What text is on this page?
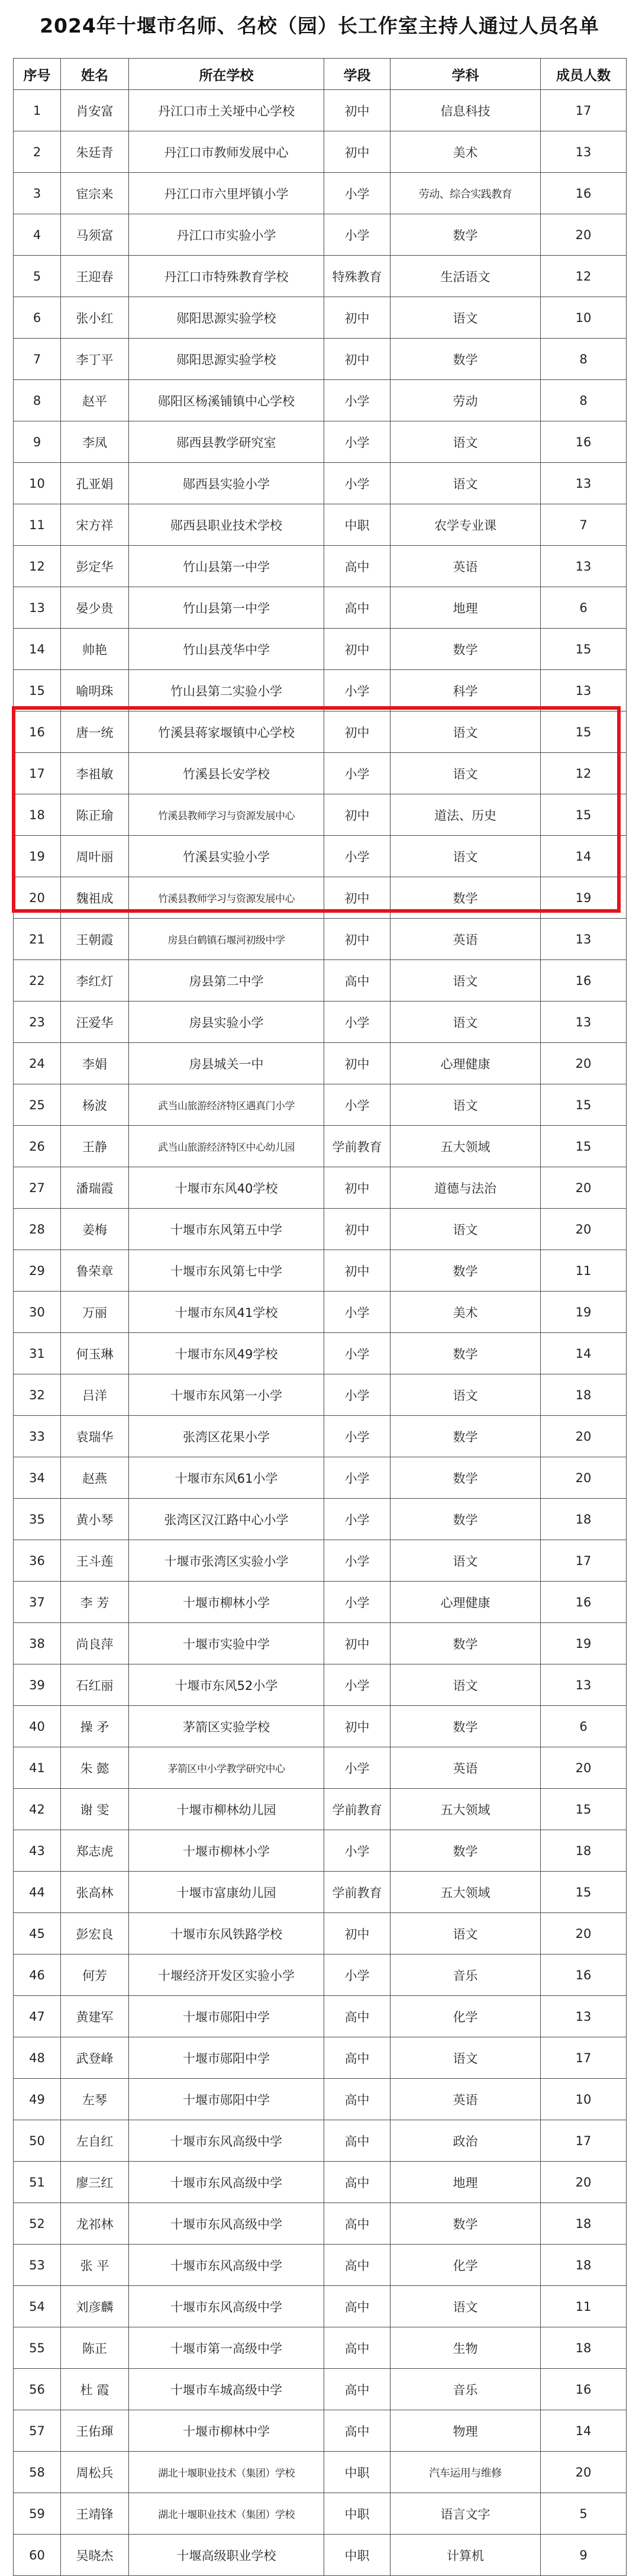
2024年十堰市名师、名校（园）长工作室主持人通过人员名单
序号	姓名	所在学校	学段	学科	成员人数
1	肖安富	丹江口市土关垭中心学校	初中	信息科技	17
2	朱廷青	丹江口市教师发展中心	初中	美术	13
3	宦宗来	丹江口市六里坪镇小学	小学	劳动、综合实践教育	16
4	马须富	丹江口市实验小学	小学	数学	20
5	王迎春	丹江口市特殊教育学校	特殊教育	生活语文	12
6	张小红	郧阳思源实验学校	初中	语文	10
7	李丁平	郧阳思源实验学校	初中	数学	8
8	赵平	郧阳区杨溪铺镇中心学校	小学	劳动	8
9	李凤	郧西县教学研究室	小学	语文	16
10	孔亚娟	郧西县实验小学	小学	语文	13
11	宋方祥	郧西县职业技术学校	中职	农学专业课	7
12	彭定华	竹山县第一中学	高中	英语	13
13	晏少贵	竹山县第一中学	高中	地理	6
14	帅艳	竹山县茂华中学	初中	数学	15
15	喻明珠	竹山县第二实验小学	小学	科学	13
16	唐一统	竹溪县蒋家堰镇中心学校	初中	语文	15
17	李祖敏	竹溪县长安学校	小学	语文	12
18	陈正瑜	竹溪县教师学习与资源发展中心	初中	道法、历史	15
19	周叶丽	竹溪县实验小学	小学	语文	14
20	魏祖成	竹溪县教师学习与资源发展中心	初中	数学	19
21	王朝霞	房县白鹤镇石堰河初级中学	初中	英语	13
22	李红灯	房县第二中学	高中	语文	16
23	汪爱华	房县实验小学	小学	语文	13
24	李娟	房县城关一中	初中	心理健康	20
25	杨波	武当山旅游经济特区遇真门小学	小学	语文	15
26	王静	武当山旅游经济特区中心幼儿园	学前教育	五大领域	15
27	潘瑞霞	十堰市东风40学校	初中	道德与法治	20
28	姜梅	十堰市东风第五中学	初中	语文	20
29	鲁荣章	十堰市东风第七中学	初中	数学	11
30	万丽	十堰市东风41学校	小学	美术	19
31	何玉琳	十堰市东风49学校	小学	数学	14
32	吕洋	十堰市东风第一小学	小学	语文	18
33	袁瑞华	张湾区花果小学	小学	数学	20
34	赵燕	十堰市东风61小学	小学	数学	20
35	黄小琴	张湾区汉江路中心小学	小学	数学	18
36	王斗莲	十堰市张湾区实验小学	小学	语文	17
37	李 芳	十堰市柳林小学	小学	心理健康	16
38	尚良萍	十堰市实验中学	初中	数学	19
39	石红丽	十堰市东风52小学	小学	语文	13
40	操 矛	茅箭区实验学校	初中	数学	6
41	朱 懿	茅箭区中小学教学研究中心	小学	英语	20
42	谢 雯	十堰市柳林幼儿园	学前教育	五大领域	15
43	郑志虎	十堰市柳林小学	小学	数学	18
44	张高林	十堰市富康幼儿园	学前教育	五大领域	15
45	彭宏良	十堰市东风铁路学校	初中	语文	20
46	何芳	十堰经济开发区实验小学	小学	音乐	16
47	黄建军	十堰市郧阳中学	高中	化学	13
48	武登峰	十堰市郧阳中学	高中	语文	17
49	左琴	十堰市郧阳中学	高中	英语	10
50	左自红	十堰市东风高级中学	高中	政治	17
51	廖三红	十堰市东风高级中学	高中	地理	20
52	龙祁林	十堰市东风高级中学	高中	数学	18
53	张 平	十堰市东风高级中学	高中	化学	18
54	刘彦麟	十堰市东风高级中学	高中	语文	11
55	陈正	十堰市第一高级中学	高中	生物	18
56	杜 霞	十堰市车城高级中学	高中	音乐	16
57	王佑琿	十堰市柳林中学	高中	物理	14
58	周松兵	湖北十堰职业技术（集团）学校	中职	汽车运用与维修	20
59	王靖锋	湖北十堰职业技术（集团）学校	中职	语言文字	5
60	吴晓杰	十堰高级职业学校	中职	计算机	9
